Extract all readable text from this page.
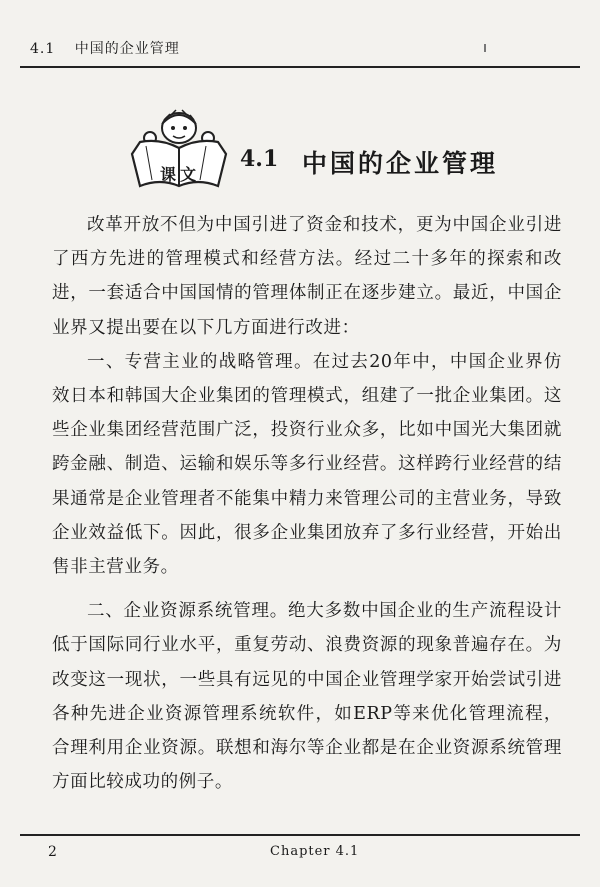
4.1 中国的企业管理
课文
4.1 中国的企业管理

改革开放不但为中国引进了资金和技术，更为中国企业引进了西方先进的管理模式和经营方法。经过二十多年的探索和改进，一套适合中国国情的管理体制正在逐步建立。最近，中国企业界又提出要在以下几方面进行改进：

一、专营主业的战略管理。在过去20年中，中国企业界仿效日本和韩国大企业集团的管理模式，组建了一批企业集团。这些企业集团经营范围广泛，投资行业众多，比如中国光大集团就跨金融、制造、运输和娱乐等多行业经营。这样跨行业经营的结果通常是企业管理者不能集中精力来管理公司的主营业务，导致企业效益低下。因此，很多企业集团放弃了多行业经营，开始出售非主营业务。

二、企业资源系统管理。绝大多数中国企业的生产流程设计低于国际同行业水平，重复劳动、浪费资源的现象普遍存在。为改变这一现状，一些具有远见的中国企业管理学家开始尝试引进各种先进企业资源管理系统软件，如ERP等来优化管理流程，合理利用企业资源。联想和海尔等企业都是在企业资源系统管理方面比较成功的例子。

2	Chapter 4.1
